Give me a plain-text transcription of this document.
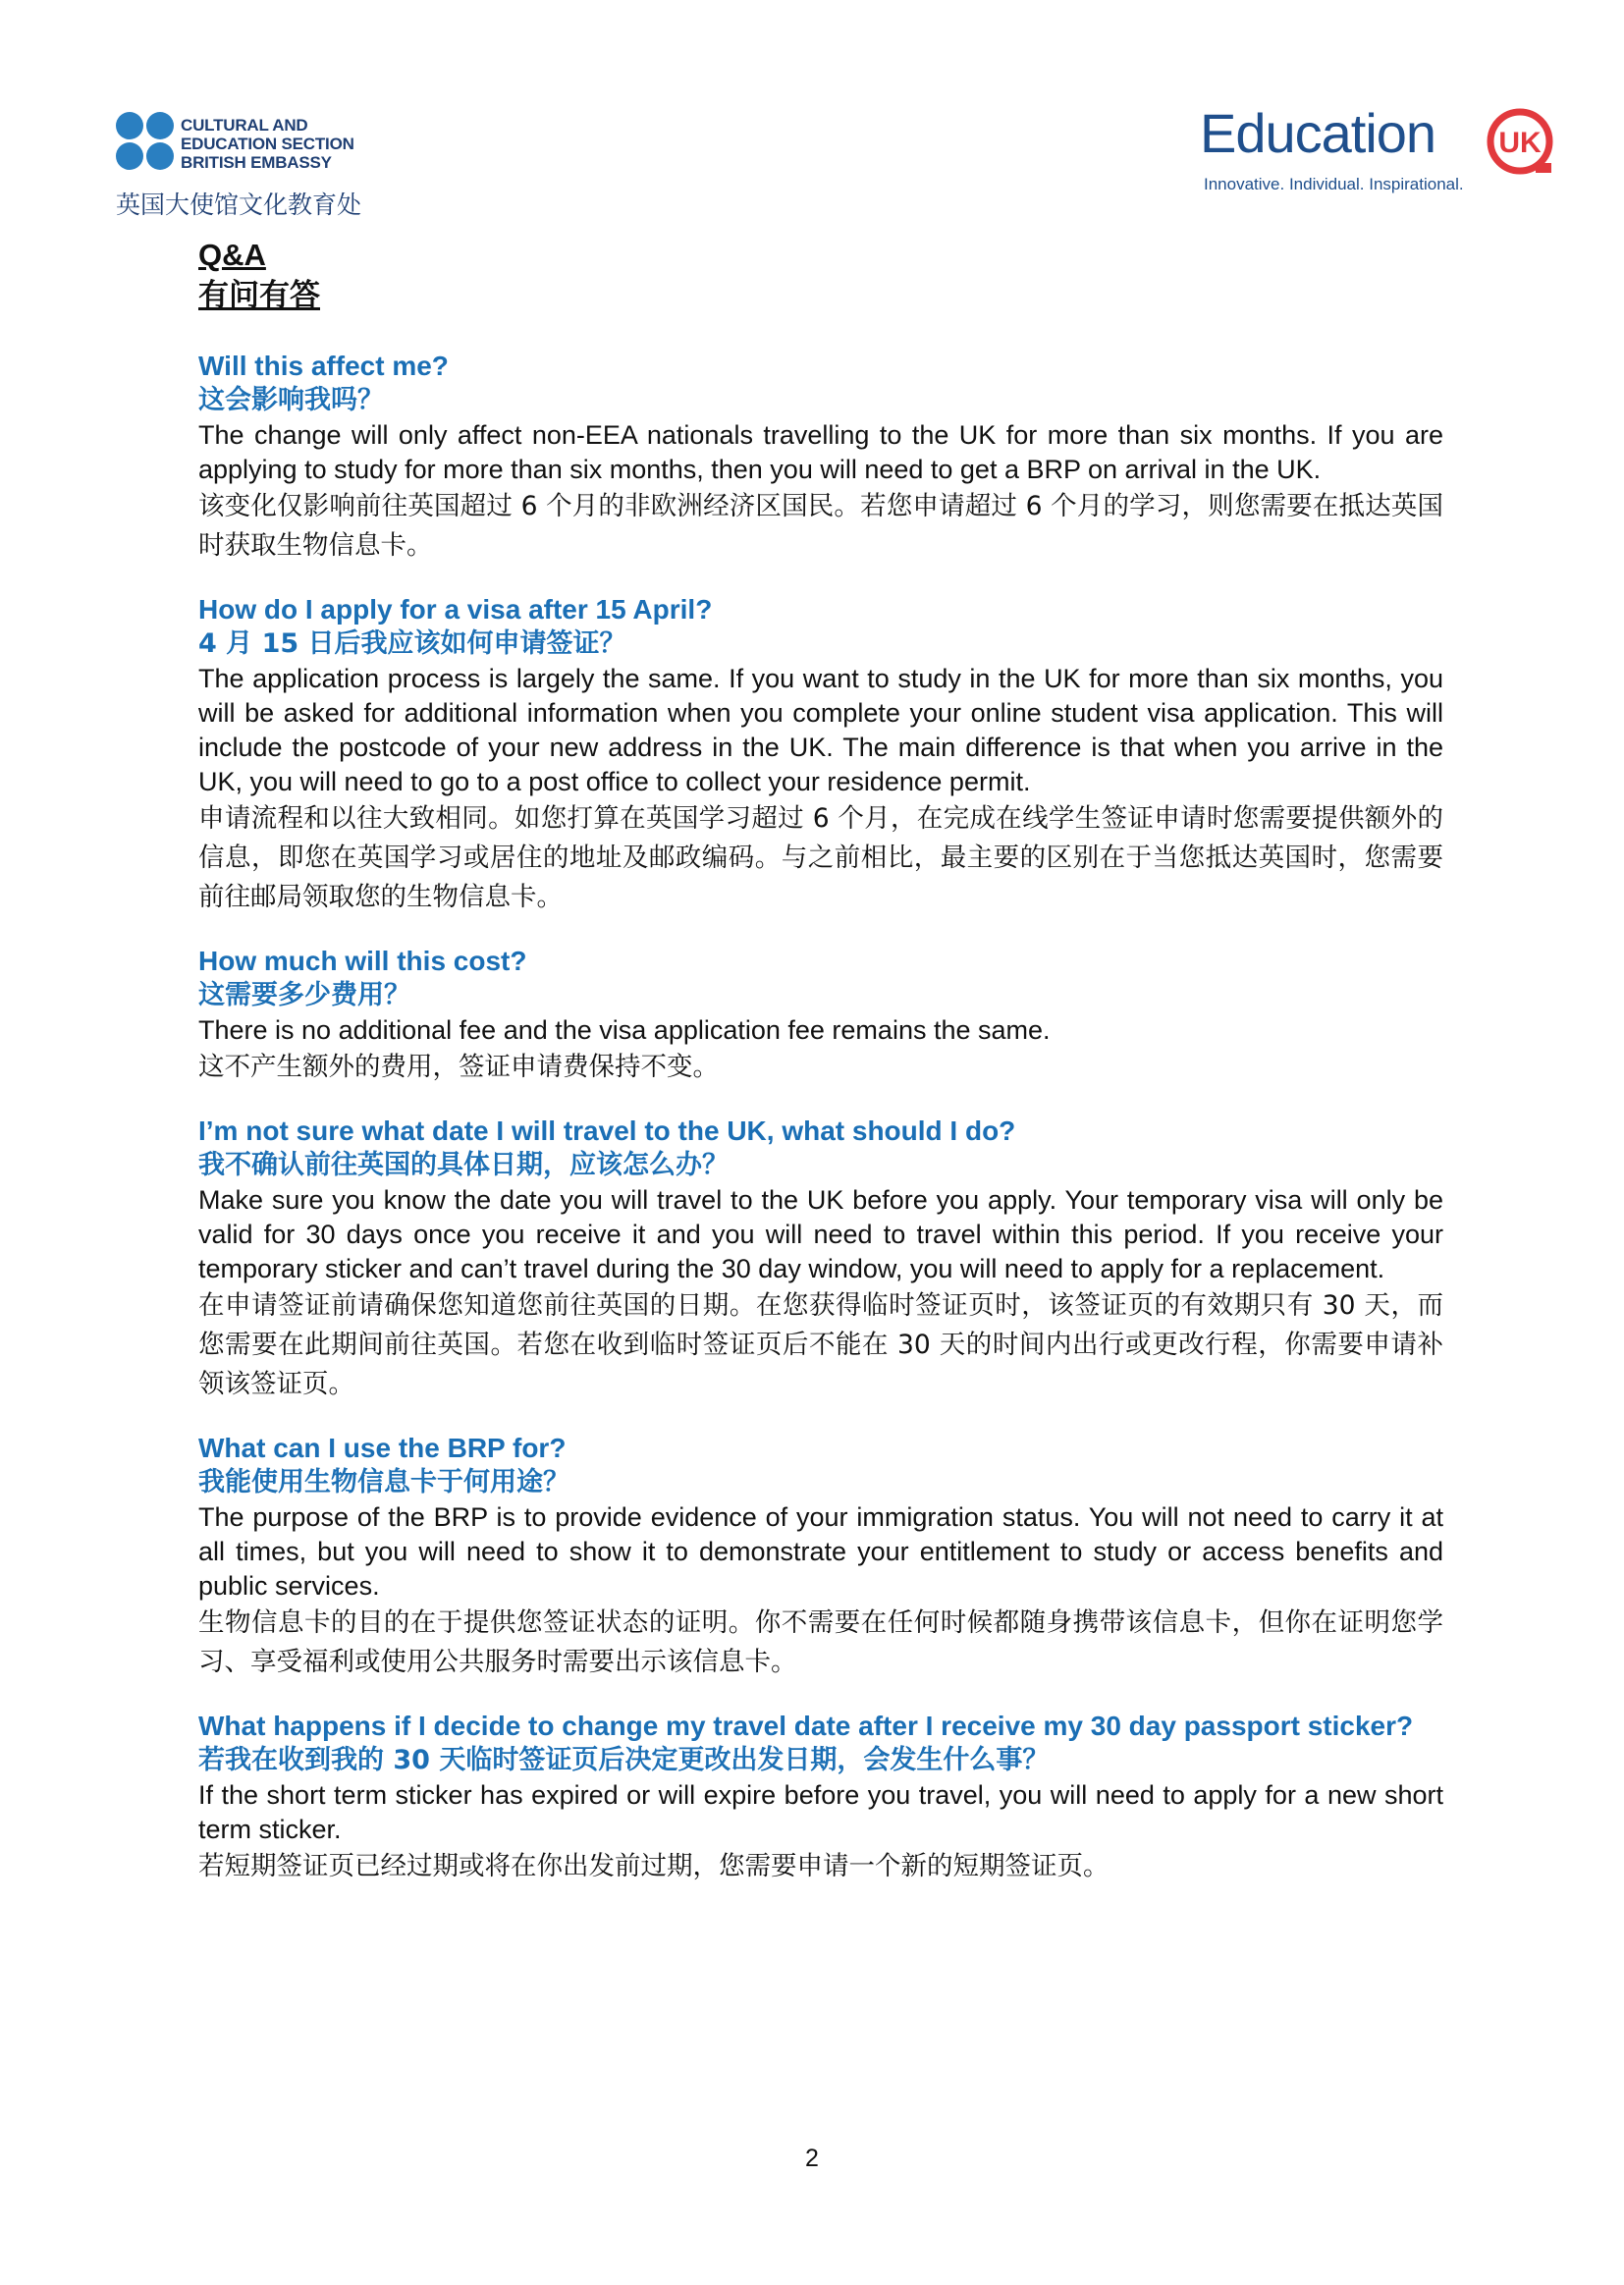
CULTURAL AND
EDUCATION SECTION
BRITISH EMBASSY
英国大使馆文化教育处
Education UK
Innovative. Individual. Inspirational.

Q&A

有问有答

Will this affect me?

这会影响我吗？

The change will only affect non-EEA nationals travelling to the UK for more than six months. If you are applying to study for more than six months, then you will need to get a BRP on arrival in the UK.

该变化仅影响前往英国超过 6 个月的非欧洲经济区国民。若您申请超过 6 个月的学习，则您需要在抵达英国时获取生物信息卡。

How do I apply for a visa after 15 April?

4 月 15 日后我应该如何申请签证？

The application process is largely the same. If you want to study in the UK for more than six months, you will be asked for additional information when you complete your online student visa application. This will include the postcode of your new address in the UK. The main difference is that when you arrive in the UK, you will need to go to a post office to collect your residence permit.

申请流程和以往大致相同。如您打算在英国学习超过 6 个月，在完成在线学生签证申请时您需要提供额外的信息，即您在英国学习或居住的地址及邮政编码。与之前相比，最主要的区别在于当您抵达英国时，您需要前往邮局领取您的生物信息卡。

How much will this cost?

这需要多少费用？

There is no additional fee and the visa application fee remains the same.

这不产生额外的费用，签证申请费保持不变。

I’m not sure what date I will travel to the UK, what should I do?

我不确认前往英国的具体日期，应该怎么办？

Make sure you know the date you will travel to the UK before you apply. Your temporary visa will only be valid for 30 days once you receive it and you will need to travel within this period. If you receive your temporary sticker and can’t travel during the 30 day window, you will need to apply for a replacement.

在申请签证前请确保您知道您前往英国的日期。在您获得临时签证页时，该签证页的有效期只有 30 天，而您需要在此期间前往英国。若您在收到临时签证页后不能在 30 天的时间内出行或更改行程，你需要申请补领该签证页。

What can I use the BRP for?

我能使用生物信息卡于何用途？

The purpose of the BRP is to provide evidence of your immigration status. You will not need to carry it at all times, but you will need to show it to demonstrate your entitlement to study or access benefits and public services.

生物信息卡的目的在于提供您签证状态的证明。你不需要在任何时候都随身携带该信息卡，但你在证明您学习、享受福利或使用公共服务时需要出示该信息卡。

What happens if I decide to change my travel date after I receive my 30 day passport sticker?

若我在收到我的 30 天临时签证页后决定更改出发日期，会发生什么事？

If the short term sticker has expired or will expire before you travel, you will need to apply for a new short term sticker.

若短期签证页已经过期或将在你出发前过期，您需要申请一个新的短期签证页。

2
